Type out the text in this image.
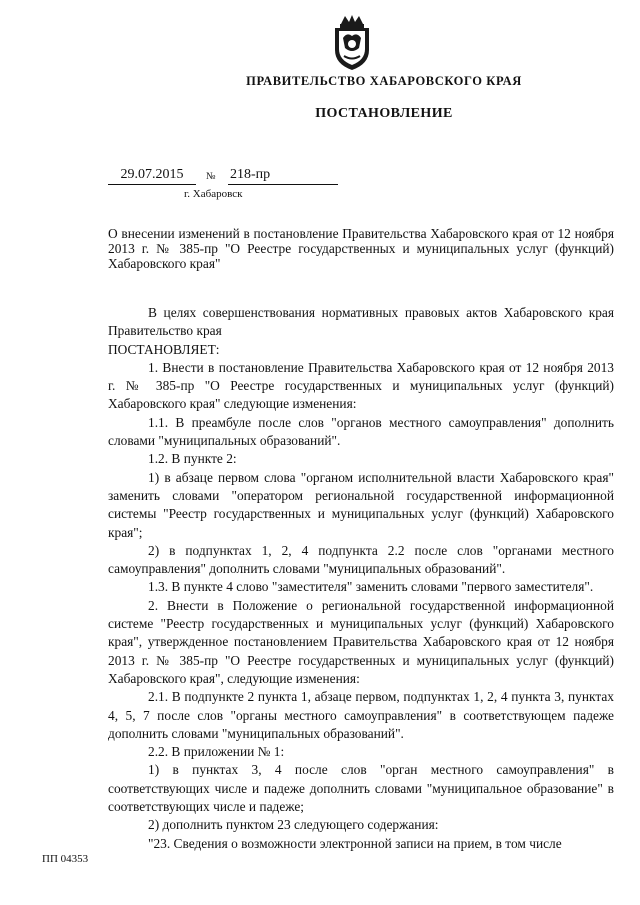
ПРАВИТЕЛЬСТВО ХАБАРОВСКОГО КРАЯ
ПОСТАНОВЛЕНИЕ
29.07.2015	№ 218-пр
г. Хабаровск
О внесении изменений в постановление Правительства Хабаровского края от 12 ноября 2013 г. № 385-пр "О Реестре государственных и муниципальных услуг (функций) Хабаровского края"

В целях совершенствования нормативных правовых актов Хабаровского края Правительство края

ПОСТАНОВЛЯЕТ:

1. Внести в постановление Правительства Хабаровского края от 12 ноября 2013 г. № 385-пр "О Реестре государственных и муниципальных услуг (функций) Хабаровского края" следующие изменения:

1.1. В преамбуле после слов "органов местного самоуправления" дополнить словами "муниципальных образований".

1.2. В пункте 2:

1) в абзаце первом слова "органом исполнительной власти Хабаровского края" заменить словами "оператором региональной государственной информационной системы "Реестр государственных и муниципальных услуг (функций) Хабаровского края";

2) в подпунктах 1, 2, 4 подпункта 2.2 после слов "органами местного самоуправления" дополнить словами "муниципальных образований".

1.3. В пункте 4 слово "заместителя" заменить словами "первого заместителя".

2. Внести в Положение о региональной государственной информационной системе "Реестр государственных и муниципальных услуг (функций) Хабаровского края", утвержденное постановлением Правительства Хабаровского края от 12 ноября 2013 г. № 385-пр "О Реестре государственных и муниципальных услуг (функций) Хабаровского края", следующие изменения:

2.1. В подпункте 2 пункта 1, абзаце первом, подпунктах 1, 2, 4 пункта 3, пунктах 4, 5, 7 после слов "органы местного самоуправления" в соответствующем падеже дополнить словами "муниципальных образований".

2.2. В приложении № 1:

1) в пунктах 3, 4 после слов "орган местного самоуправления" в соответствующих числе и падеже дополнить словами "муниципальное образование" в соответствующих числе и падеже;

2) дополнить пунктом 23 следующего содержания:

"23. Сведения о возможности электронной записи на прием, в том числе

ПП 04353
